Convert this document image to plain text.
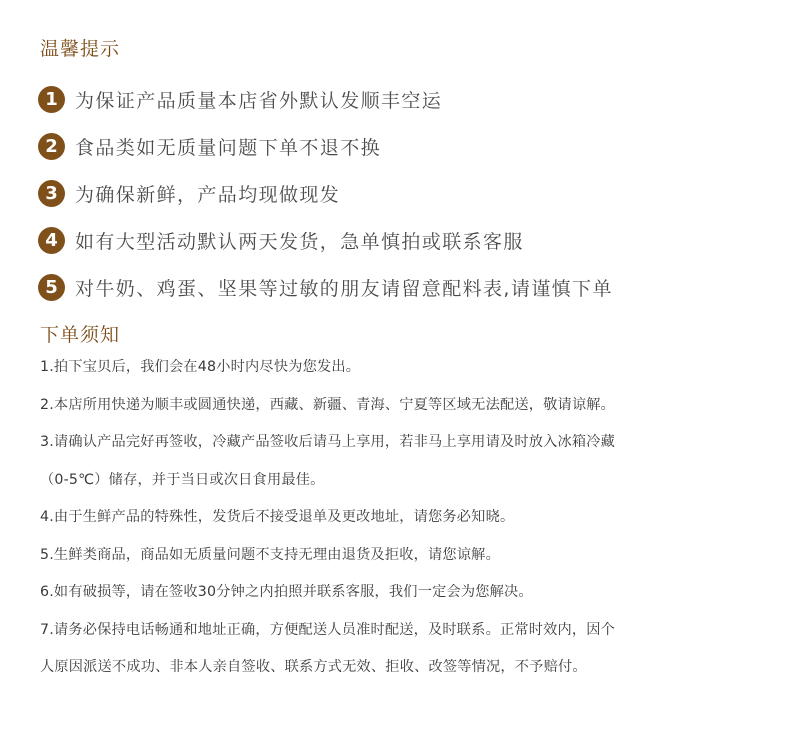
温馨提示
1 为保证产品质量本店省外默认发顺丰空运
2 食品类如无质量问题下单不退不换
3 为确保新鲜，产品均现做现发
4 如有大型活动默认两天发货，急单慎拍或联系客服
5 对牛奶、鸡蛋、坚果等过敏的朋友请留意配料表,请谨慎下单
下单须知
1.拍下宝贝后，我们会在48小时内尽快为您发出。
2.本店所用快递为顺丰或圆通快递，西藏、新疆、青海、宁夏等区域无法配送，敬请谅解。
3.请确认产品完好再签收，冷藏产品签收后请马上享用，若非马上享用请及时放入冰箱冷藏
（0-5℃）储存，并于当日或次日食用最佳。
4.由于生鲜产品的特殊性，发货后不接受退单及更改地址，请您务必知晓。
5.生鲜类商品，商品如无质量问题不支持无理由退货及拒收，请您谅解。
6.如有破损等，请在签收30分钟之内拍照并联系客服，我们一定会为您解决。
7.请务必保持电话畅通和地址正确，方便配送人员准时配送，及时联系。正常时效内，因个
人原因派送不成功、非本人亲自签收、联系方式无效、拒收、改签等情况，不予赔付。
